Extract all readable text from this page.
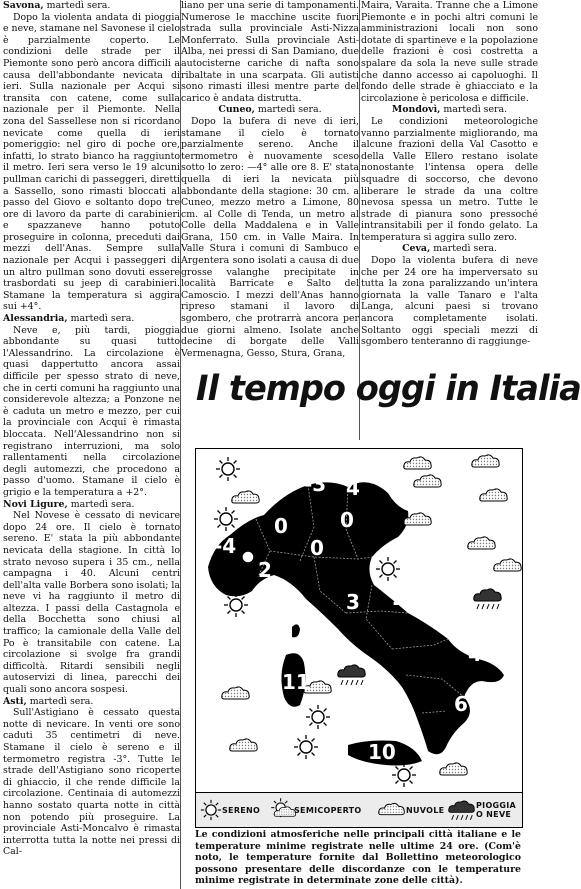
Savona, martedì sera.

Dopo la violenta andata di pioggia e neve, stamane nel Savonese il cielo è parzialmente coperto. Le condizioni delle strade per il Piemonte sono però ancora difficili a causa dell'abbondante nevicata di ieri. Sulla nazionale per Acqui si transita con catene, come sulla nazionale per il Piemonte. Nella zona del Sassellese non si ricordano nevicate come quella di ieri pomeriggio: nel giro di poche ore, infatti, lo strato bianco ha raggiunto il metro. Ieri sera verso le 19 alcuni pullman carichi di passeggeri, diretti a Sassello, sono rimasti bloccati al passo del Giovo e soltanto dopo tre ore di lavoro da parte di carabinieri e spazzaneve hanno potuto proseguire in colonna, preceduti dai mezzi dell'Anas. Sempre sulla nazionale per Acqui i passeggeri di un altro pullman sono dovuti essere trasbordati su jeep di carabinieri. Stamane la temperatura si aggira sui +4°.

Alessandria, martedì sera.

Neve e, più tardi, pioggia abbondante su quasi tutto l'Alessandrino. La circolazione è quasi dappertutto ancora assai difficile per spesso strato di neve, che in certi comuni ha raggiunto una considerevole altezza; a Ponzone ne è caduta un metro e mezzo, per cui la provinciale con Acqui è rimasta bloccata. Nell'Alessandrino non si registrano interruzioni, ma solo rallentamenti nella circolazione degli automezzi, che procedono a passo d'uomo. Stamane il cielo è grigio e la temperatura a +2°.

Novi Ligure, martedì sera.

Nel Novese è cessato di nevicare dopo 24 ore. Il cielo è tornato sereno. E' stata la più abbondante nevicata della stagione. In città lo strato nevoso supera i 35 cm., nella campagna i 40. Alcuni centri dell'alta valle Borbera sono isolati; la neve vi ha raggiunto il metro di altezza. I passi della Castagnola e della Bocchetta sono chiusi al traffico; la camionale della Valle del Po è transitabile con catene. La circolazione si svolge fra grandi difficoltà. Ritardi sensibili negli autoservizi di linea, parecchi dei quali sono ancora sospesi.

Asti, martedì sera.

Sull'Astigiano è cessato questa notte di nevicare. In venti ore sono caduti 35 centimetri di neve. Stamane il cielo è sereno e il termometro registra -3°. Tutte le strade dell'Astigiano sono ricoperte di ghiaccio, il che rende difficile la circolazione. Centinaia di automezzi hanno sostato quarta notte in città non potendo più proseguire. La provinciale Asti-Moncalvo è rimasta interrotta tutta la notte nei pressi di Cal-

liano per una serie di tamponamenti. Numerose le macchine uscite fuori strada sulla provinciale Asti-Nizza Monferrato. Sulla provinciale Asti-Alba, nei pressi di San Damiano, due autocisterne cariche di nafta sono ribaltate in una scarpata. Gli autisti sono rimasti illesi mentre parte del carico è andata distrutta.

Cuneo, martedì sera.

Dopo la bufera di neve di ieri, stamane il cielo è tornato parzialmente sereno. Anche il termometro è nuovamente sceso sotto lo zero: —4° alle ore 8. E' stata quella di ieri la nevicata più abbondante della stagione: 30 cm. a Cuneo, mezzo metro a Limone, 80 cm. al Colle di Tenda, un metro al Colle della Maddalena e in Valle Grana, 150 cm. in Valle Maira. In Valle Stura i comuni di Sambuco e Argentera sono isolati a causa di due grosse valanghe precipitate in località Barricate e Salto del Camoscio. I mezzi dell'Anas hanno ripreso stamani il lavoro di sgombero, che protrarrà ancora per due giorni almeno. Isolate anche decine di borgate delle Valli Vermenagna, Gesso, Stura, Grana,

Maira, Varaita. Tranne che a Limone Piemonte e in pochi altri comuni le amministrazioni locali non sono dotate di spartineve e la popolazione delle frazioni è così costretta a spalare da sola la neve sulle strade che danno accesso ai capoluoghi. Il fondo delle strade è ghiacciato e la circolazione è pericolosa e difficile.

Mondovì, martedì sera.

Le condizioni meteorologiche vanno parzialmente migliorando, ma alcune frazioni della Val Casotto e della Valle Ellero restano isolate nonostante l'intensa opera delle squadre di soccorso, che devono liberare le strade da una coltre nevosa spessa un metro. Tutte le strade di pianura sono pressoché intransitabili per il fondo gelato. La temperatura si aggira sullo zero.

Ceva, martedì sera.

Dopo la violenta bufera di neve che per 24 ore ha imperversato su tutta la zona paralizzando un'intera giornata la valle Tanaro e l'alta Langa, alcuni paesi si trovano ancora completamente isolati. Soltanto oggi speciali mezzi di sgombero tenteranno di raggiunge-

Il tempo oggi in Italia
-3 4
-4
2
0	0
0
3 2
4
6
11
10
5
2
SERENO	SEMICOPERTO	NUVOLE	PIOGGIA
O NEVE
Le condizioni atmosferiche nelle principali città italiane e le temperature minime registrate nelle ultime 24 ore. (Com'è noto, le temperature fornite dal Bollettino meteorologico possono presentare delle discordanze con le temperature minime registrate in determinate zone delle città).
